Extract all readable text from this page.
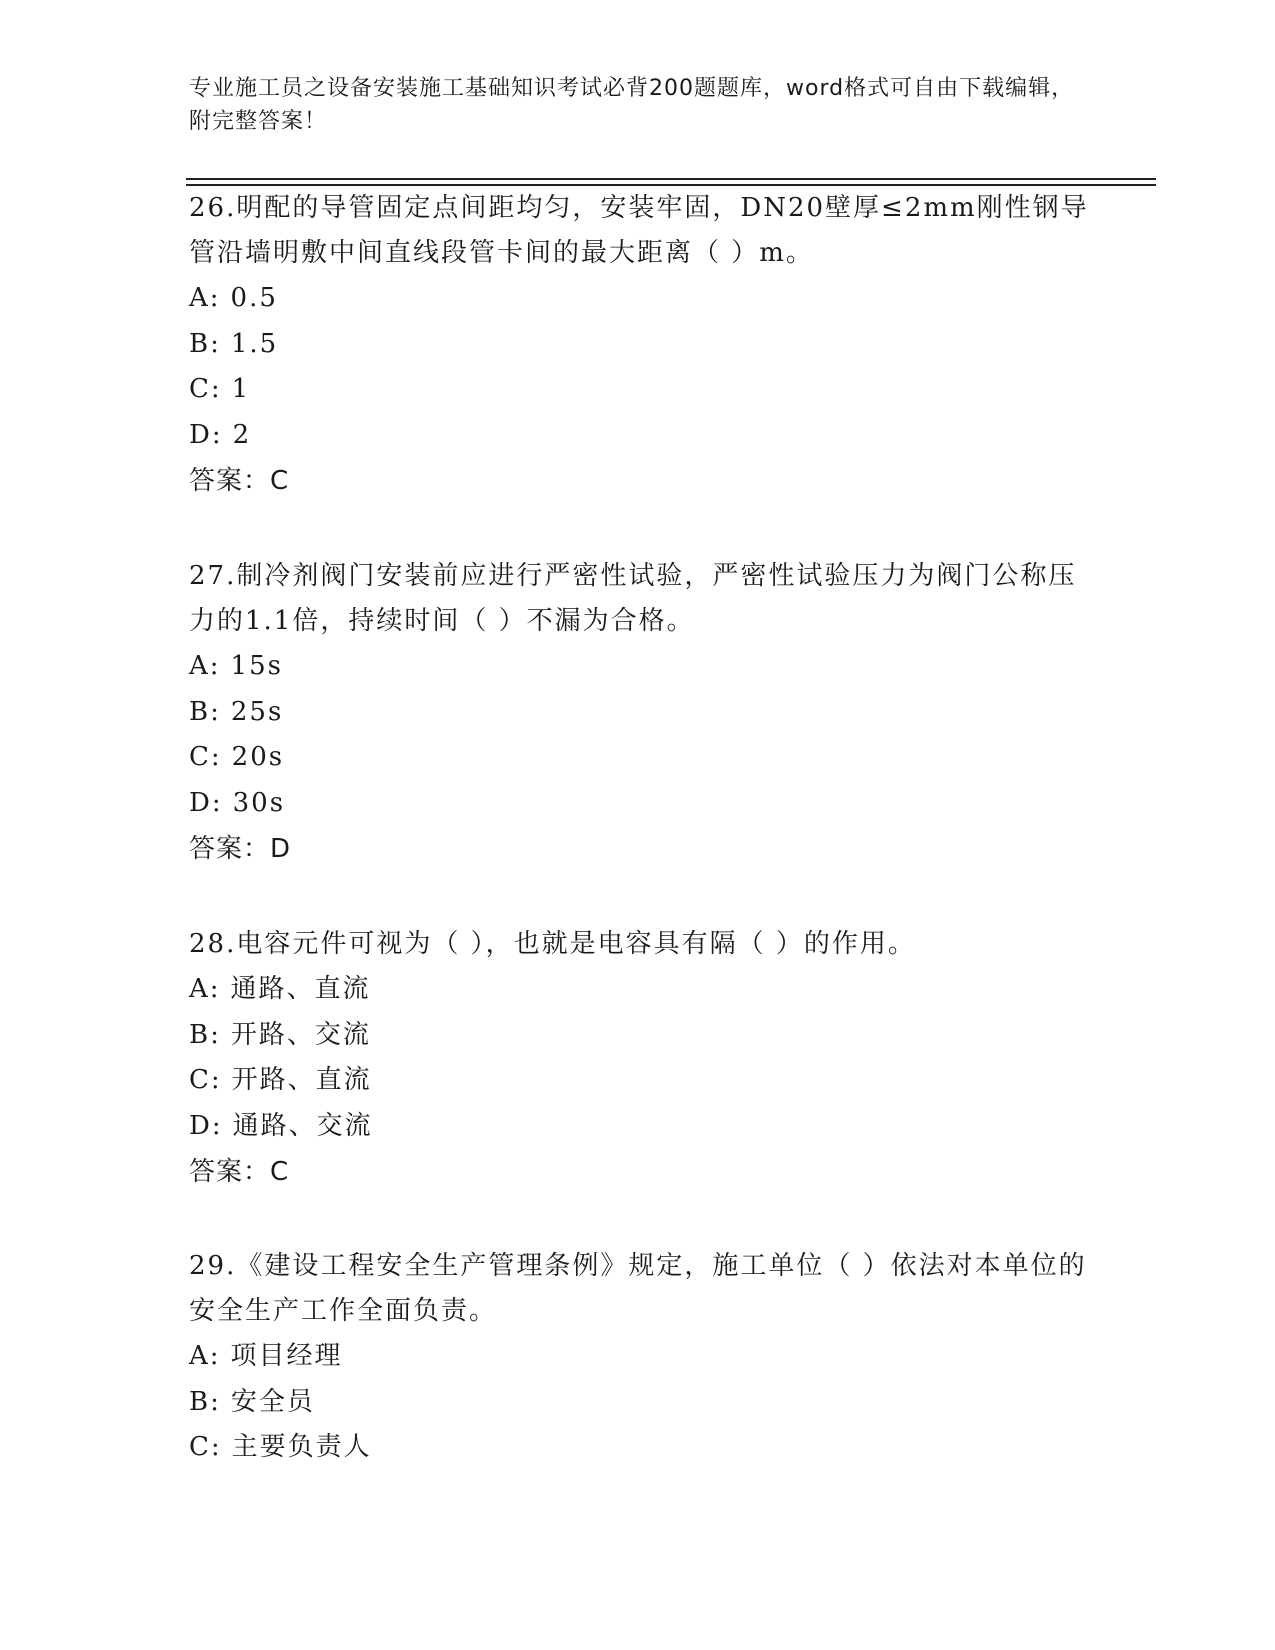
专业施工员之设备安装施工基础知识考试必背200题题库，word格式可自由下载编辑，附完整答案！
26.明配的导管固定点间距均匀，安装牢固，DN20壁厚≤2mm刚性钢导管沿墙明敷中间直线段管卡间的最大距离（ ）m。
A: 0.5
B: 1.5
C: 1
D: 2
答案：C
27.制冷剂阀门安装前应进行严密性试验，严密性试验压力为阀门公称压力的1.1倍，持续时间（ ）不漏为合格。
A: 15s
B: 25s
C: 20s
D: 30s
答案：D
28.电容元件可视为（ ），也就是电容具有隔（ ）的作用。
A: 通路、直流
B: 开路、交流
C: 开路、直流
D: 通路、交流
答案：C
29.《建设工程安全生产管理条例》规定，施工单位（ ）依法对本单位的安全生产工作全面负责。
A: 项目经理
B: 安全员
C: 主要负责人
